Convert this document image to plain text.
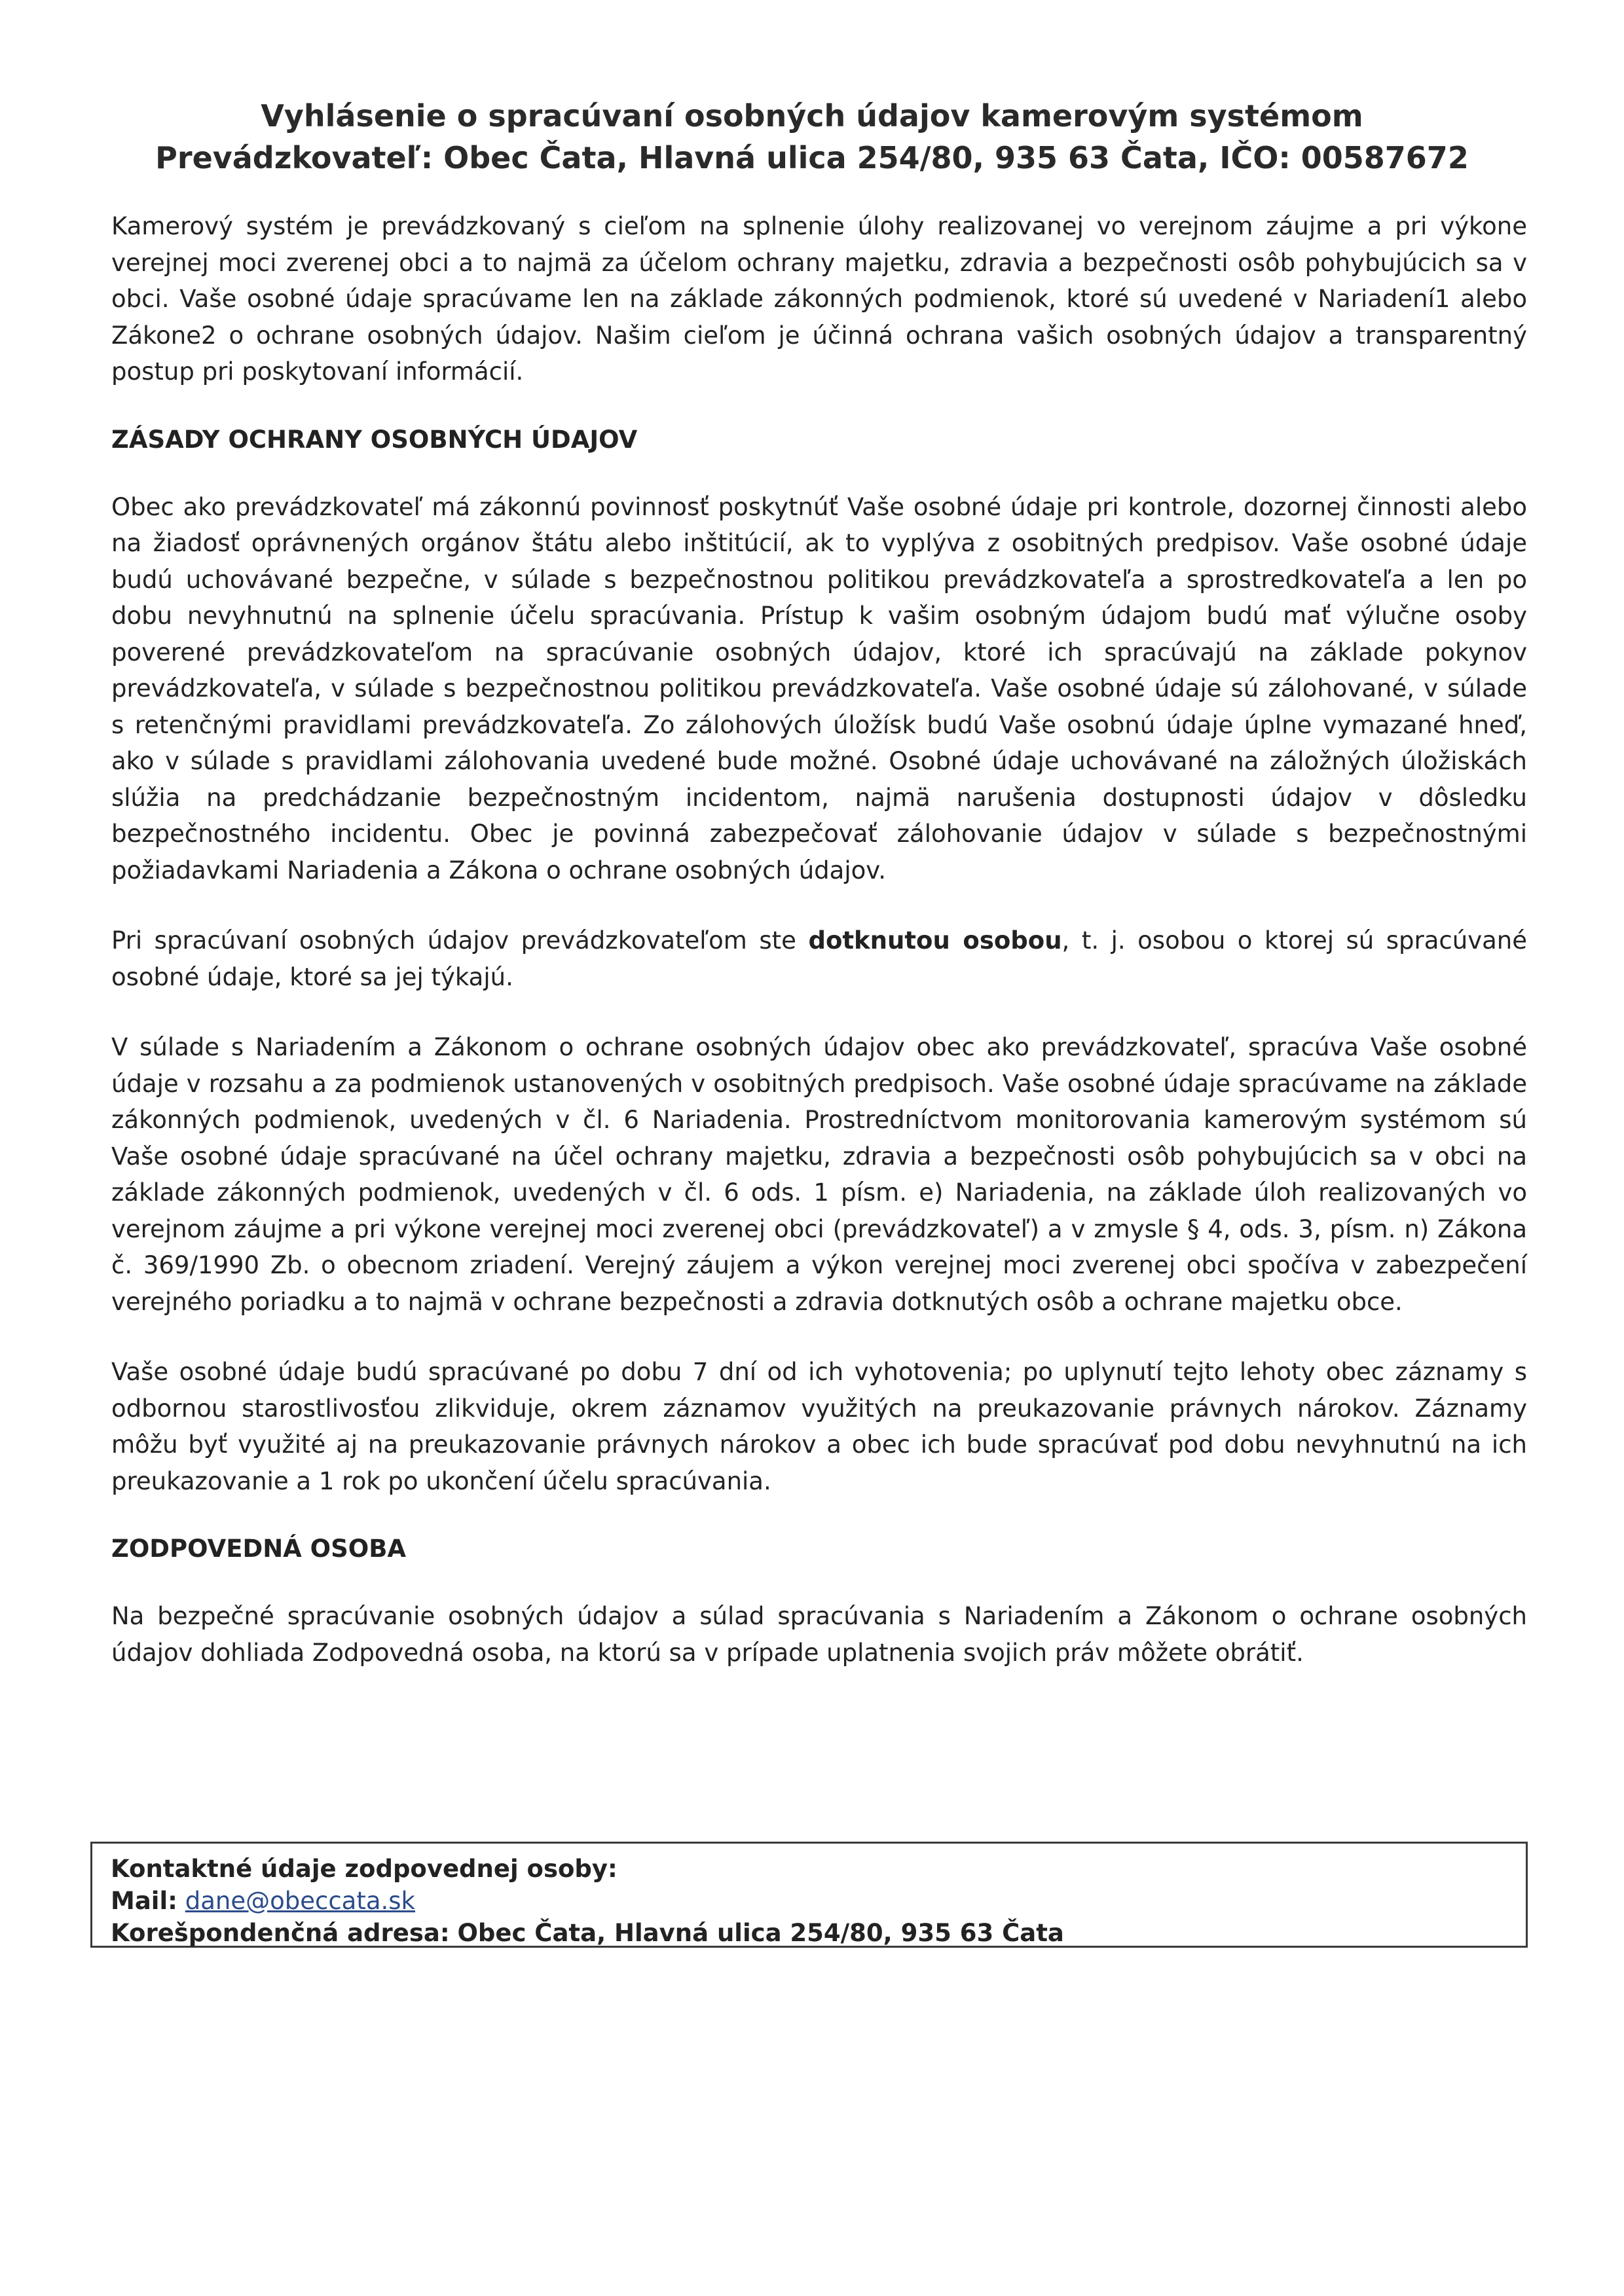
Vyhlásenie o spracúvaní osobných údajov kamerovým systémom
Prevádzkovateľ: Obec Čata, Hlavná ulica 254/80, 935 63 Čata, IČO: 00587672

Kamerový systém je prevádzkovaný s cieľom na splnenie úlohy realizovanej vo verejnom záujme a pri výkone verejnej moci zverenej obci a to najmä za účelom ochrany majetku, zdravia a bezpečnosti osôb pohybujúcich sa v obci. Vaše osobné údaje spracúvame len na základe zákonných podmienok, ktoré sú uvedené v Nariadení1 alebo Zákone2 o ochrane osobných údajov. Našim cieľom je účinná ochrana vašich osobných údajov a transparentný postup pri poskytovaní informácií.

ZÁSADY OCHRANY OSOBNÝCH ÚDAJOV

Obec ako prevádzkovateľ má zákonnú povinnosť poskytnúť Vaše osobné údaje pri kontrole, dozornej činnosti alebo na žiadosť oprávnených orgánov štátu alebo inštitúcií, ak to vyplýva z osobitných predpisov. Vaše osobné údaje budú uchovávané bezpečne, v súlade s bezpečnostnou politikou prevádzkovateľa a sprostredkovateľa a len po dobu nevyhnutnú na splnenie účelu spracúvania. Prístup k vašim osobným údajom budú mať výlučne osoby poverené prevádzkovateľom na spracúvanie osobných údajov, ktoré ich spracúvajú na základe pokynov prevádzkovateľa, v súlade s bezpečnostnou politikou prevádzkovateľa. Vaše osobné údaje sú zálohované, v súlade s retenčnými pravidlami prevádzkovateľa. Zo zálohových úložísk budú Vaše osobnú údaje úplne vymazané hneď, ako v súlade s pravidlami zálohovania uvedené bude možné. Osobné údaje uchovávané na záložných úložiskách slúžia na predchádzanie bezpečnostným incidentom, najmä narušenia dostupnosti údajov v dôsledku bezpečnostného incidentu. Obec je povinná zabezpečovať zálohovanie údajov v súlade s bezpečnostnými požiadavkami Nariadenia a Zákona o ochrane osobných údajov.

Pri spracúvaní osobných údajov prevádzkovateľom ste dotknutou osobou, t. j. osobou o ktorej sú spracúvané osobné údaje, ktoré sa jej týkajú.

V súlade s Nariadením a Zákonom o ochrane osobných údajov obec ako prevádzkovateľ, spracúva Vaše osobné údaje v rozsahu a za podmienok ustanovených v osobitných predpisoch. Vaše osobné údaje spracúvame na základe zákonných podmienok, uvedených v čl. 6 Nariadenia. Prostredníctvom monitorovania kamerovým systémom sú Vaše osobné údaje spracúvané na účel ochrany majetku, zdravia a bezpečnosti osôb pohybujúcich sa v obci na základe zákonných podmienok, uvedených v čl. 6 ods. 1 písm. e) Nariadenia, na základe úloh realizovaných vo verejnom záujme a pri výkone verejnej moci zverenej obci (prevádzkovateľ) a v zmysle § 4, ods. 3, písm. n) Zákona č. 369/1990 Zb. o obecnom zriadení. Verejný záujem a výkon verejnej moci zverenej obci spočíva v zabezpečení verejného poriadku a to najmä v ochrane bezpečnosti a zdravia dotknutých osôb a ochrane majetku obce.

Vaše osobné údaje budú spracúvané po dobu 7 dní od ich vyhotovenia; po uplynutí tejto lehoty obec záznamy s odbornou starostlivosťou zlikviduje, okrem záznamov využitých na preukazovanie právnych nárokov. Záznamy môžu byť využité aj na preukazovanie právnych nárokov a obec ich bude spracúvať pod dobu nevyhnutnú na ich preukazovanie a 1 rok po ukončení účelu spracúvania.

ZODPOVEDNÁ OSOBA

Na bezpečné spracúvanie osobných údajov a súlad spracúvania s Nariadením a Zákonom o ochrane osobných údajov dohliada Zodpovedná osoba, na ktorú sa v prípade uplatnenia svojich práv môžete obrátiť.

Kontaktné údaje zodpovednej osoby:
Mail: dane@obeccata.sk
Korešpondenčná adresa: Obec Čata, Hlavná ulica 254/80, 935 63 Čata
